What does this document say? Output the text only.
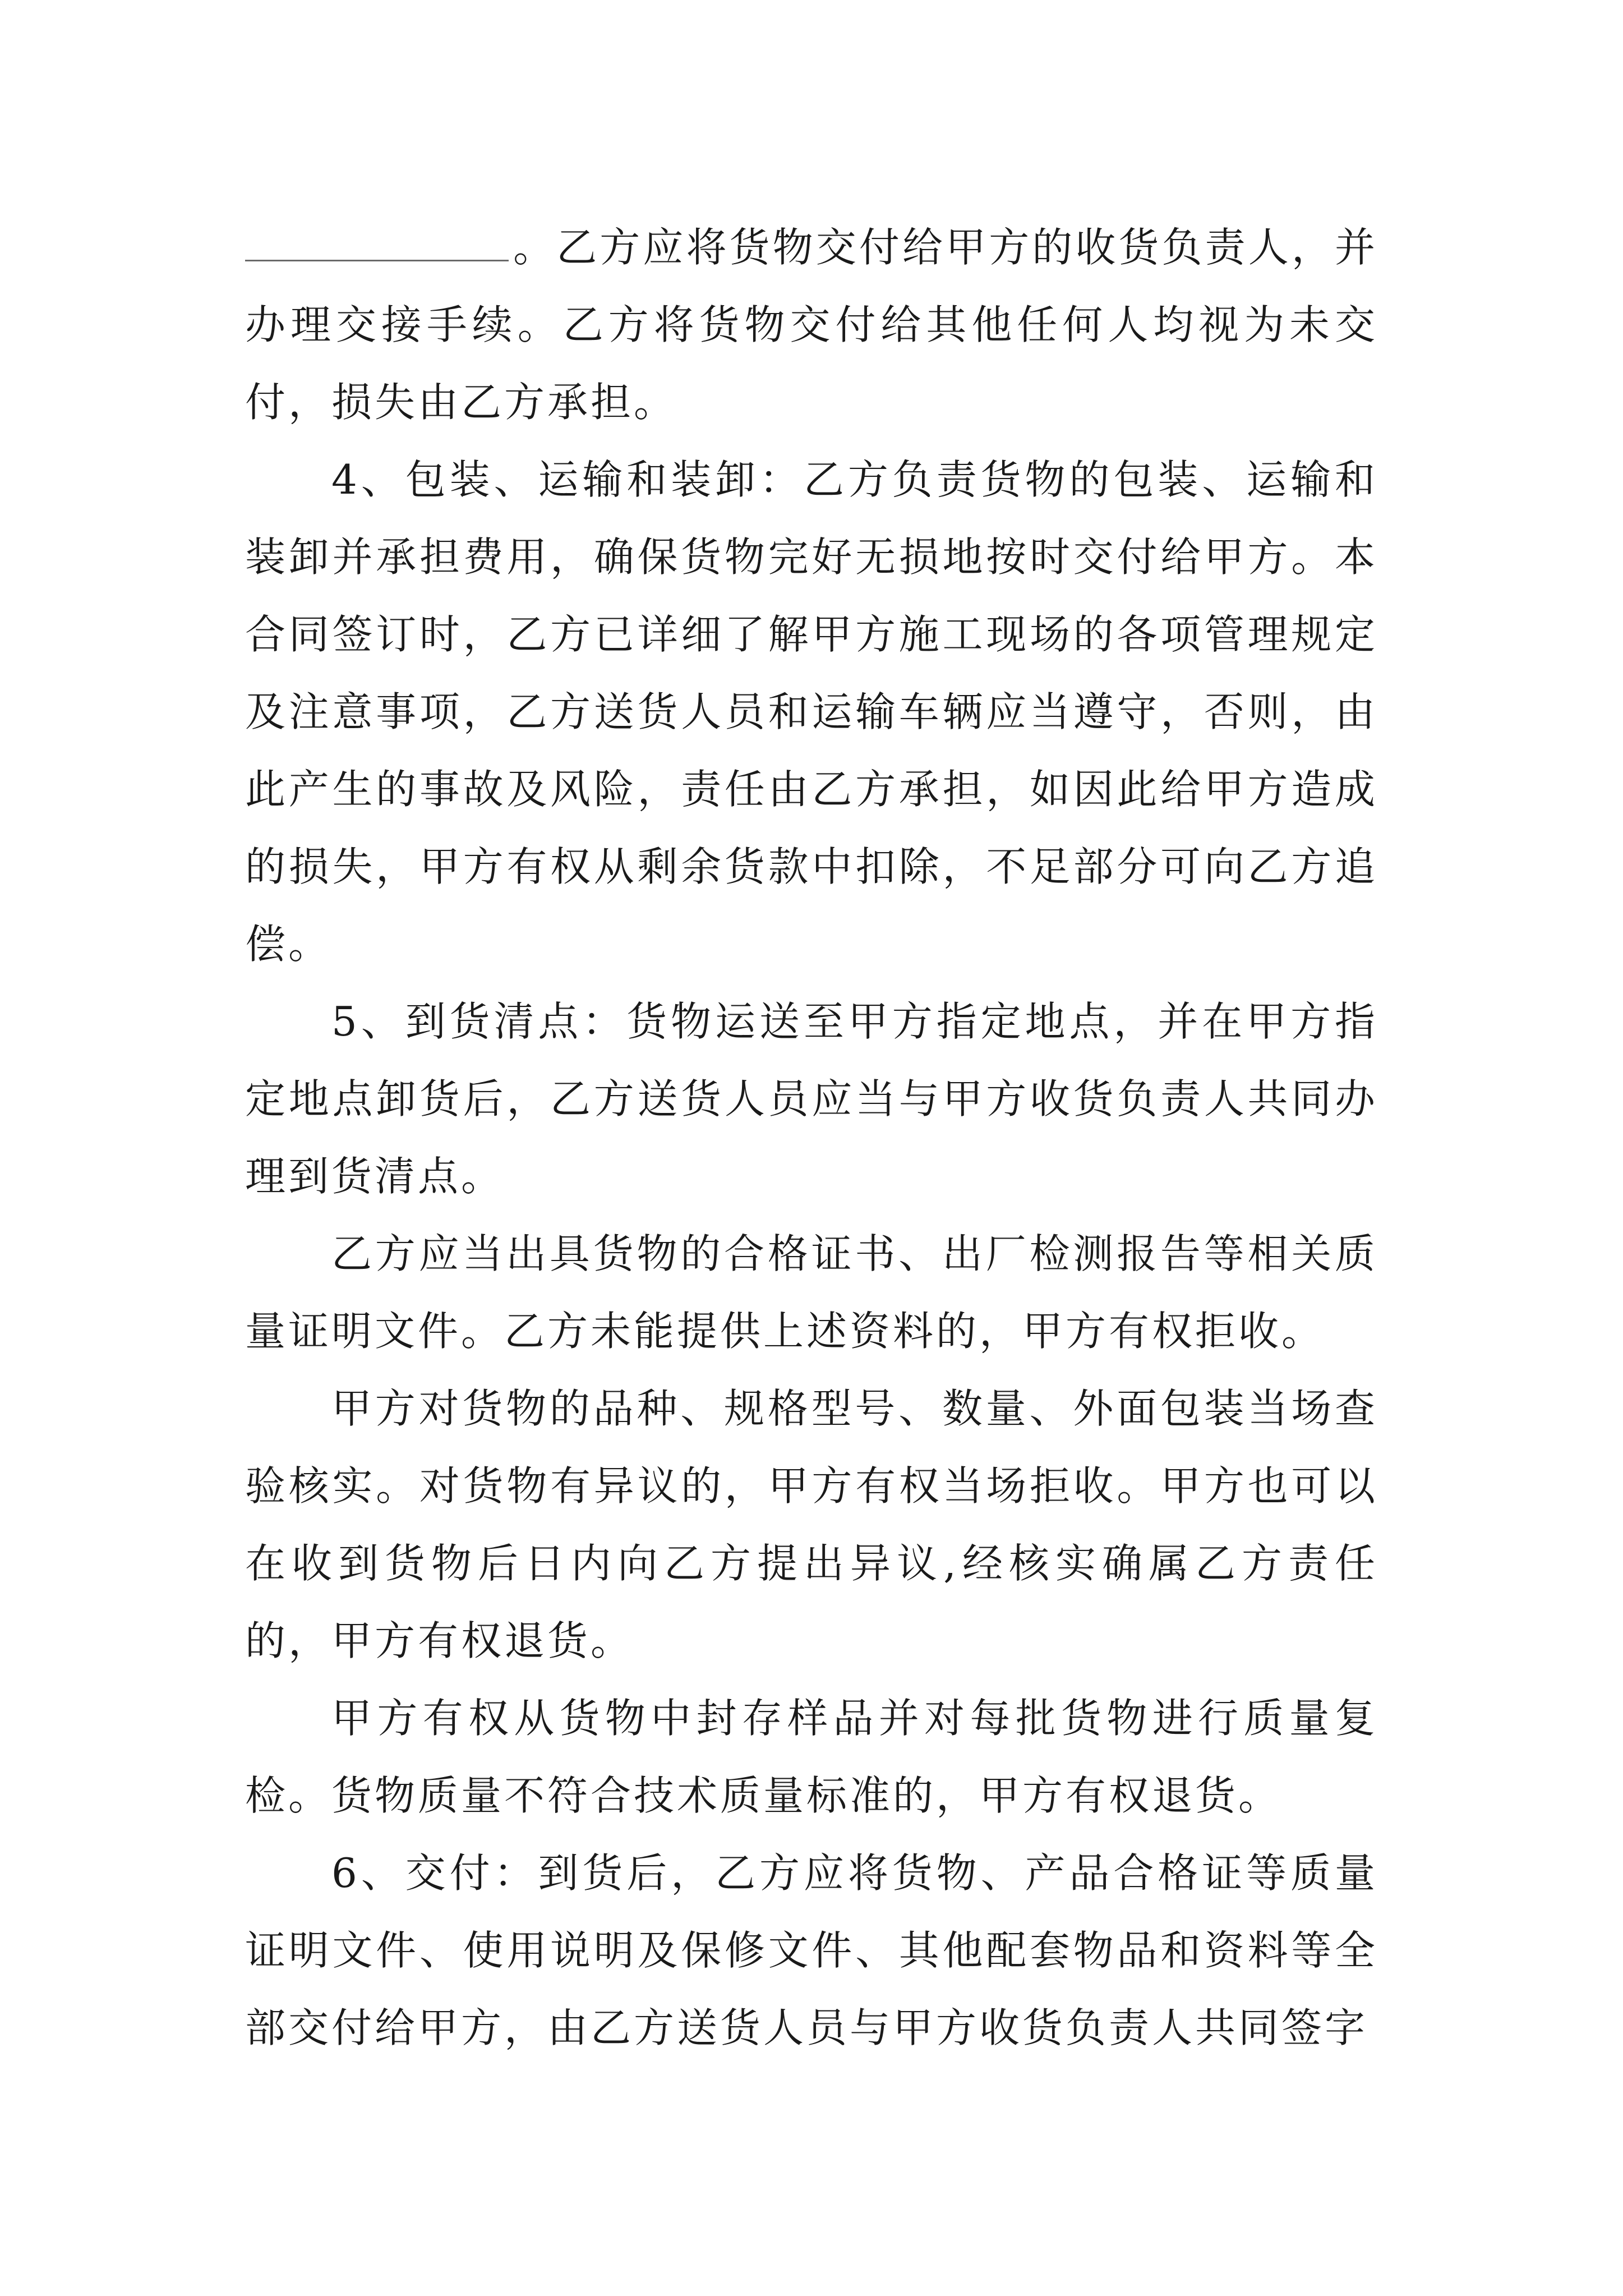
。乙方应将货物交付给甲方的收货负责人，并办理交接手续。乙方将货物交付给其他任何人均视为未交付，损失由乙方承担。

4、包装、运输和装卸：乙方负责货物的包装、运输和装卸并承担费用，确保货物完好无损地按时交付给甲方。本合同签订时，乙方已详细了解甲方施工现场的各项管理规定及注意事项，乙方送货人员和运输车辆应当遵守，否则，由此产生的事故及风险，责任由乙方承担，如因此给甲方造成的损失，甲方有权从剩余货款中扣除，不足部分可向乙方追偿。

5、到货清点：货物运送至甲方指定地点，并在甲方指定地点卸货后，乙方送货人员应当与甲方收货负责人共同办理到货清点。

乙方应当出具货物的合格证书、出厂检测报告等相关质量证明文件。乙方未能提供上述资料的，甲方有权拒收。

甲方对货物的品种、规格型号、数量、外面包装当场查验核实。对货物有异议的，甲方有权当场拒收。甲方也可以在收到货物后日内向乙方提出异议,经核实确属乙方责任的，甲方有权退货。

甲方有权从货物中封存样品并对每批货物进行质量复检。货物质量不符合技术质量标准的，甲方有权退货。

6、交付：到货后，乙方应将货物、产品合格证等质量证明文件、使用说明及保修文件、其他配套物品和资料等全部交付给甲方，由乙方送货人员与甲方收货负责人共同签字
